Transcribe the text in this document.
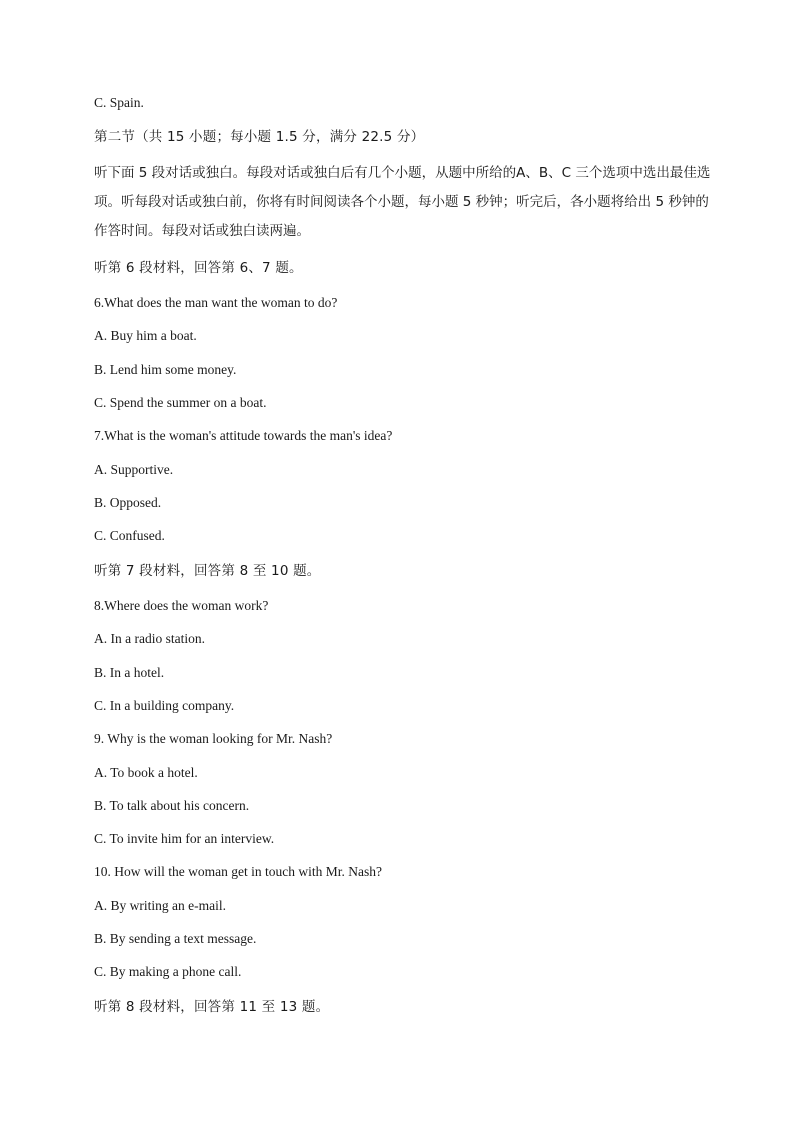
C. Spain.
第二节（共 15 小题；每小题 1.5 分，满分 22.5 分）
听下面 5 段对话或独白。每段对话或独白后有几个小题，从题中所给的A、B、C 三个选项中选出最佳选项。听每段对话或独白前，你将有时间阅读各个小题，每小题 5 秒钟；听完后，各小题将给出 5 秒钟的作答时间。每段对话或独白读两遍。
听第 6 段材料，回答第 6、7 题。
6.What does the man want the woman to do?
A. Buy him a boat.
B. Lend him some money.
C. Spend the summer on a boat.
7.What is the woman's attitude towards the man's idea?
A. Supportive.
B. Opposed.
C. Confused.
听第 7 段材料，回答第 8 至 10 题。
8.Where does the woman work?
A. In a radio station.
B. In a hotel.
C. In a building company.
9. Why is the woman looking for Mr. Nash?
A. To book a hotel.
B. To talk about his concern.
C. To invite him for an interview.
10. How will the woman get in touch with Mr. Nash?
A. By writing an e-mail.
B. By sending a text message.
C. By making a phone call.
听第 8 段材料，回答第 11 至 13 题。
